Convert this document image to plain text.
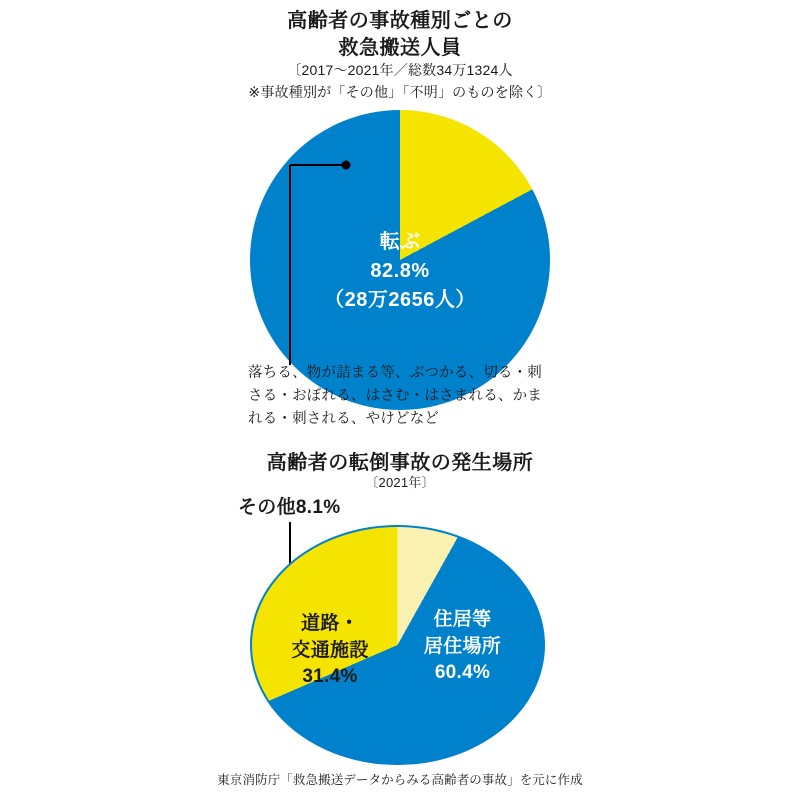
高齢者の事故種別ごとの
救急搬送人員
〔2017〜2021年／総数34万1324人
※事故種別が「その他」「不明」のものを除く〕
転ぶ
82.8%
（28万2656人）
落ちる、物が詰まる等、ぶつかる、切る・刺さる・おぼれる、はさむ・はさまれる、かまれる・刺される、やけどなど
高齢者の転倒事故の発生場所
〔2021年〕
その他8.1%
住居等
居住場所
60.4%
道路・
交通施設
31.4%
東京消防庁「救急搬送データからみる高齢者の事故」を元に作成
